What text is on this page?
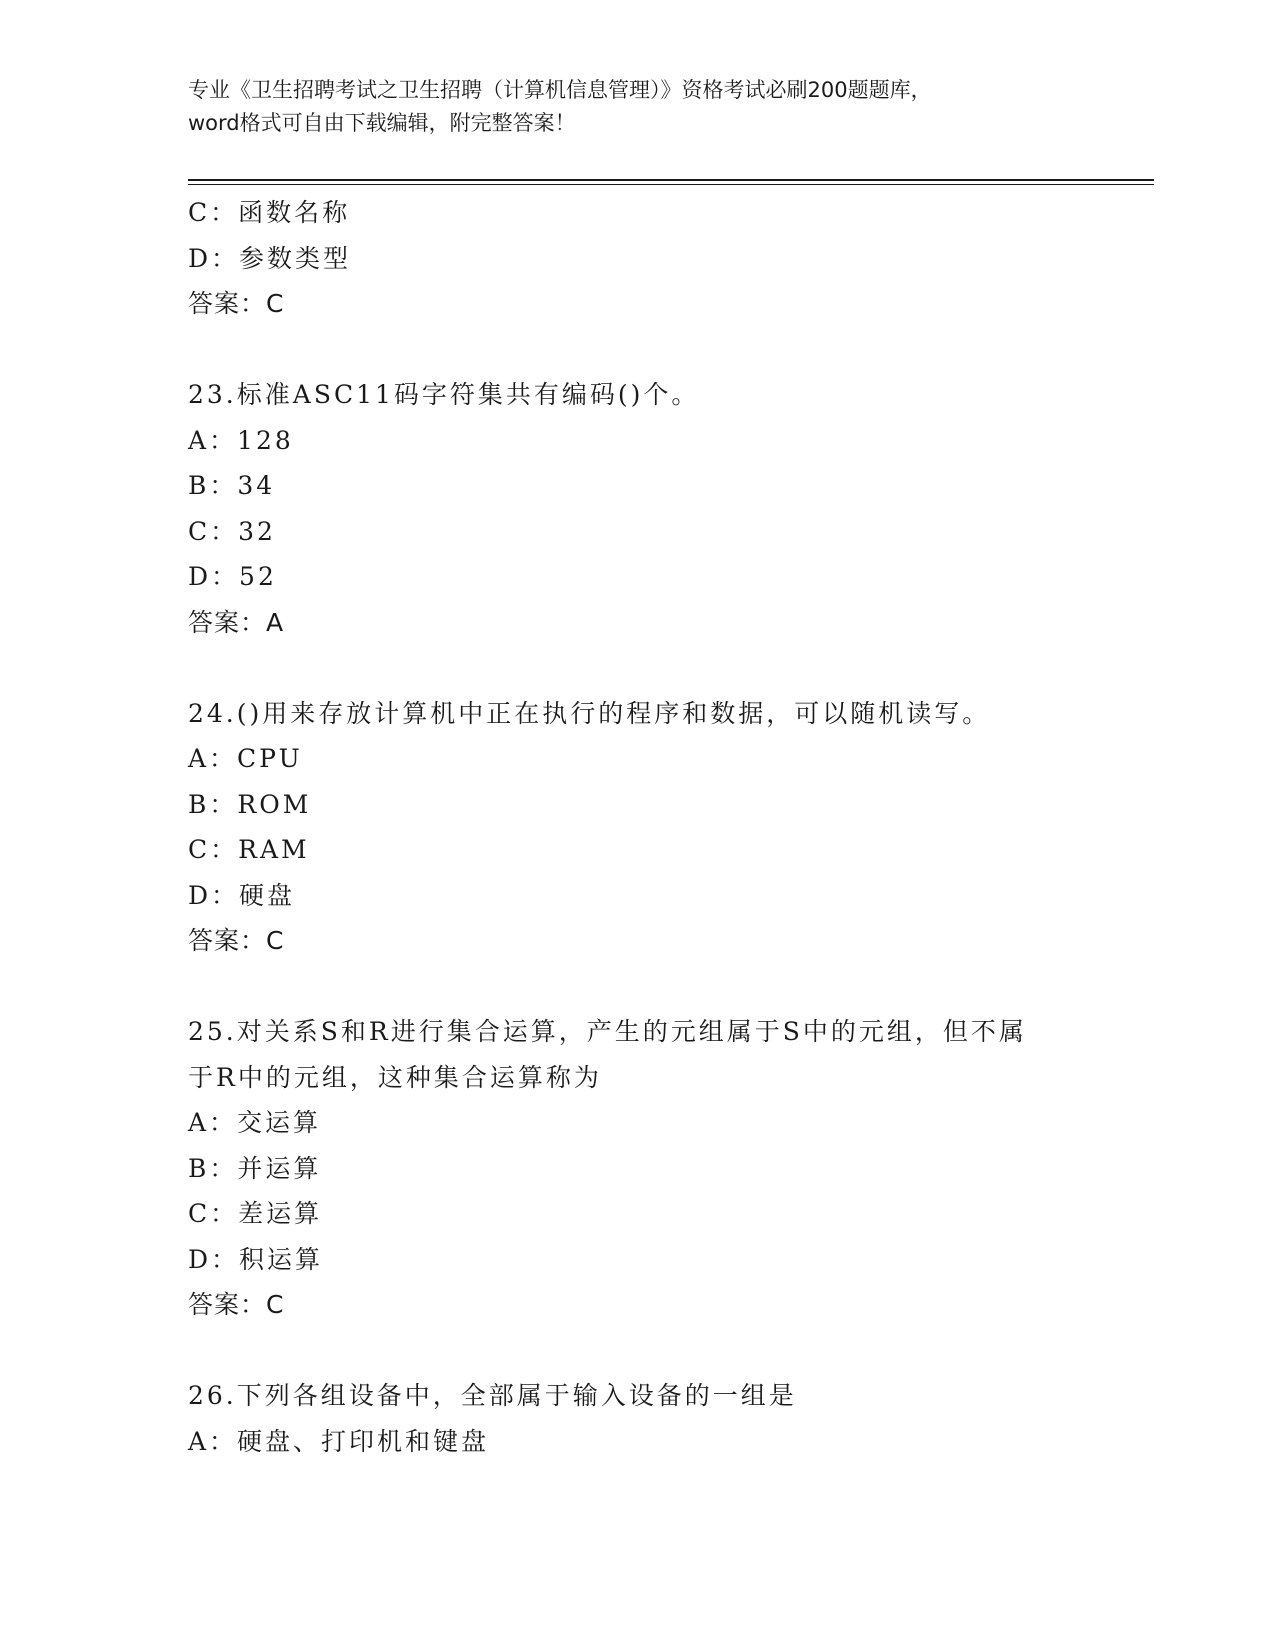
专业《卫生招聘考试之卫生招聘（计算机信息管理）》资格考试必刷200题题库，
word格式可自由下载编辑，附完整答案！
C：函数名称
D：参数类型
答案：C
23.标准ASC11码字符集共有编码()个。
A：128
B：34
C：32
D：52
答案：A
24.()用来存放计算机中正在执行的程序和数据，可以随机读写。
A：CPU
B：ROM
C：RAM
D：硬盘
答案：C
25.对关系S和R进行集合运算，产生的元组属于S中的元组，但不属
于R中的元组，这种集合运算称为
A：交运算
B：并运算
C：差运算
D：积运算
答案：C
26.下列各组设备中，全部属于输入设备的一组是
A：硬盘、打印机和键盘
